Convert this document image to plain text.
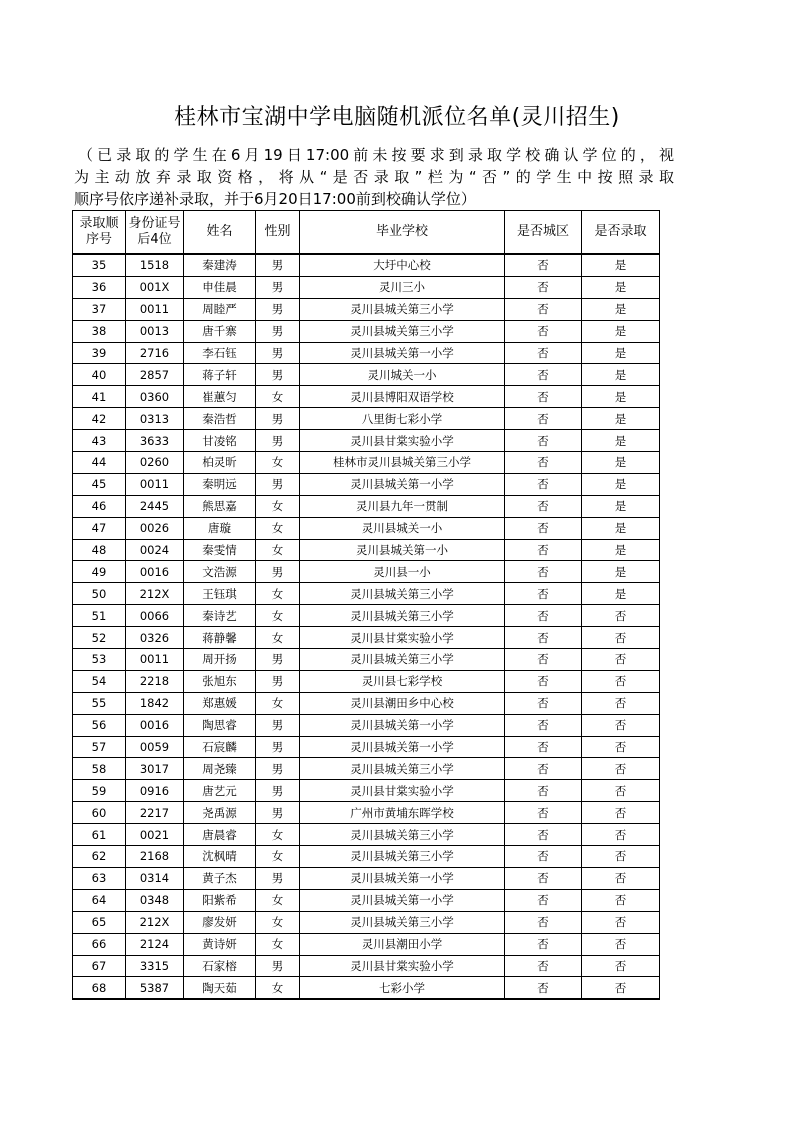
桂林市宝湖中学电脑随机派位名单(灵川招生)
（已录取的学生在6月19日17:00前未按要求到录取学校确认学位的，视
为主动放弃录取资格，将从“是否录取”栏为“否”的学生中按照录取
顺序号依序递补录取，并于6月20日17:00前到校确认学位）
录取顺序号	身份证号后4位	姓名	性别	毕业学校	是否城区	是否录取
35	1518	秦建涛	男	大圩中心校	否	是
36	001X	申佳晨	男	灵川三小	否	是
37	0011	周睦严	男	灵川县城关第三小学	否	是
38	0013	唐千寨	男	灵川县城关第三小学	否	是
39	2716	李石钰	男	灵川县城关第一小学	否	是
40	2857	蒋子轩	男	灵川城关一小	否	是
41	0360	崔蕙匀	女	灵川县博阳双语学校	否	是
42	0313	秦浩哲	男	八里街七彩小学	否	是
43	3633	甘凌铭	男	灵川县甘棠实验小学	否	是
44	0260	柏灵昕	女	桂林市灵川县城关第三小学	否	是
45	0011	秦明远	男	灵川县城关第一小学	否	是
46	2445	熊思嘉	女	灵川县九年一贯制	否	是
47	0026	唐璇	女	灵川县城关一小	否	是
48	0024	秦雯情	女	灵川县城关第一小	否	是
49	0016	文浩源	男	灵川县一小	否	是
50	212X	王钰琪	女	灵川县城关第三小学	否	是
51	0066	秦诗艺	女	灵川县城关第三小学	否	否
52	0326	蒋静馨	女	灵川县甘棠实验小学	否	否
53	0011	周开扬	男	灵川县城关第三小学	否	否
54	2218	张旭东	男	灵川县七彩学校	否	否
55	1842	郑惠媛	女	灵川县潮田乡中心校	否	否
56	0016	陶思睿	男	灵川县城关第一小学	否	否
57	0059	石宸麟	男	灵川县城关第一小学	否	否
58	3017	周尧臻	男	灵川县城关第三小学	否	否
59	0916	唐艺元	男	灵川县甘棠实验小学	否	否
60	2217	尧禹源	男	广州市黄埔东晖学校	否	否
61	0021	唐晨睿	女	灵川县城关第三小学	否	否
62	2168	沈枫晴	女	灵川县城关第三小学	否	否
63	0314	黄子杰	男	灵川县城关第一小学	否	否
64	0348	阳紫希	女	灵川县城关第一小学	否	否
65	212X	廖发妍	女	灵川县城关第三小学	否	否
66	2124	黄诗妍	女	灵川县潮田小学	否	否
67	3315	石家榕	男	灵川县甘棠实验小学	否	否
68	5387	陶天茹	女	七彩小学	否	否
